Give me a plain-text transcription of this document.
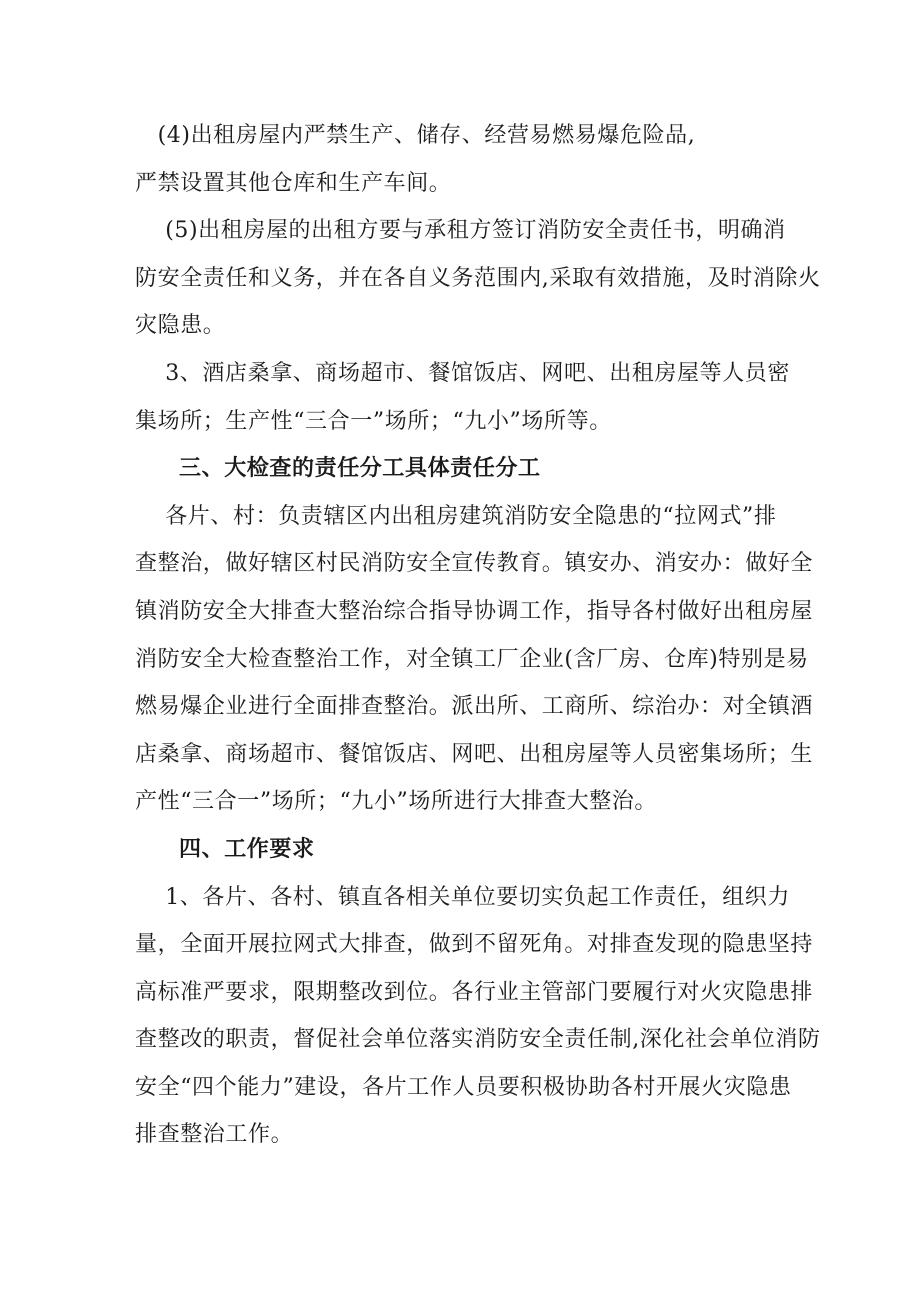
　(4)出租房屋内严禁生产、储存、经营易燃易爆危险品,
严禁设置其他仓库和生产车间。

　 (5)出租房屋的出租方要与承租方签订消防安全责任书，明确消
防安全责任和义务，并在各自义务范围内,采取有效措施，及时消除火
灾隐患。

　 3、酒店桑拿、商场超市、餐馆饭店、网吧、出租房屋等人员密
集场所；生产性“三合一”场所；“九小”场所等。

三、大检查的责任分工具体责任分工

　 各片、村：负责辖区内出租房建筑消防安全隐患的“拉网式”排
查整治，做好辖区村民消防安全宣传教育。镇安办、消安办：做好全
镇消防安全大排查大整治综合指导协调工作，指导各村做好出租房屋
消防安全大检查整治工作，对全镇工厂企业(含厂房、仓库)特别是易
燃易爆企业进行全面排查整治。派出所、工商所、综治办：对全镇酒
店桑拿、商场超市、餐馆饭店、网吧、出租房屋等人员密集场所；生
产性“三合一”场所；“九小”场所进行大排查大整治。

四、工作要求

　 1、各片、各村、镇直各相关单位要切实负起工作责任，组织力
量，全面开展拉网式大排查，做到不留死角。对排查发现的隐患坚持
高标准严要求，限期整改到位。各行业主管部门要履行对火灾隐患排
查整改的职责，督促社会单位落实消防安全责任制,深化社会单位消防
安全“四个能力”建设，各片工作人员要积极协助各村开展火灾隐患
排查整治工作。
